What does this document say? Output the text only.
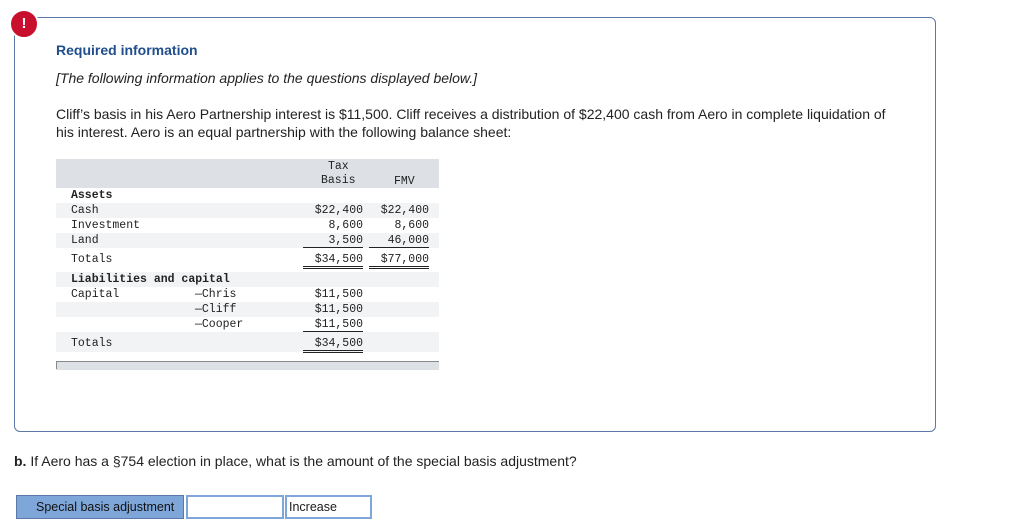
!
Required information
[The following information applies to the questions displayed below.]
Cliff’s basis in his Aero Partnership interest is $11,500. Cliff receives a distribution of $22,400 cash from Aero in complete liquidation of his interest. Aero is an equal partnership with the following balance sheet:
Tax
Basis	FMV
Assets
Cash	$22,400	$22,400
Investment	8,600	8,600
Land	3,500	46,000
Totals	$34,500	$77,000
Liabilities and capital
Capital	—Chris	$11,500
—Cliff	$11,500
—Cooper	$11,500
Totals	$34,500
b. If Aero has a §754 election in place, what is the amount of the special basis adjustment?
Special basis adjustment	Increase
